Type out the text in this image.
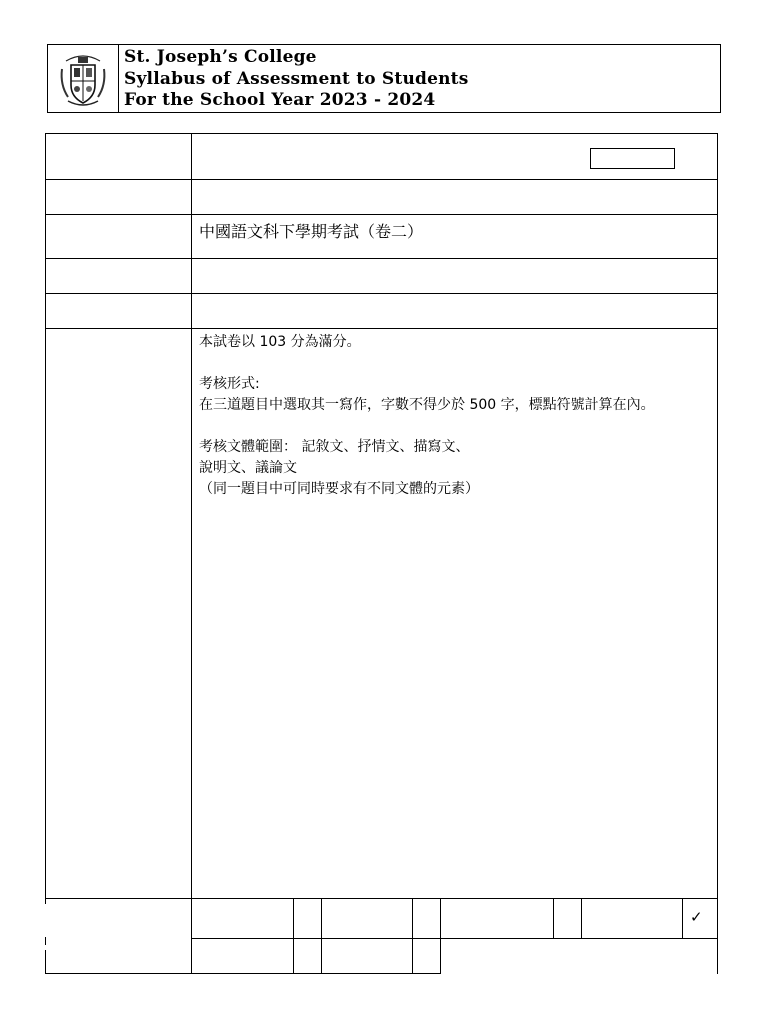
St. Joseph’s College
Syllabus of Assessment to Students
For the School Year 2023 - 2024
中國語文科下學期考試（卷二）

本試卷以 103 分為滿分。

考核形式:

在三道題目中選取其一寫作，字數不得少於 500 字，標點符號計算在內。

考核文體範圍： 記敘文、抒情文、描寫文、

說明文、議論文

（同一題目中可同時要求有不同文體的元素）

✓
